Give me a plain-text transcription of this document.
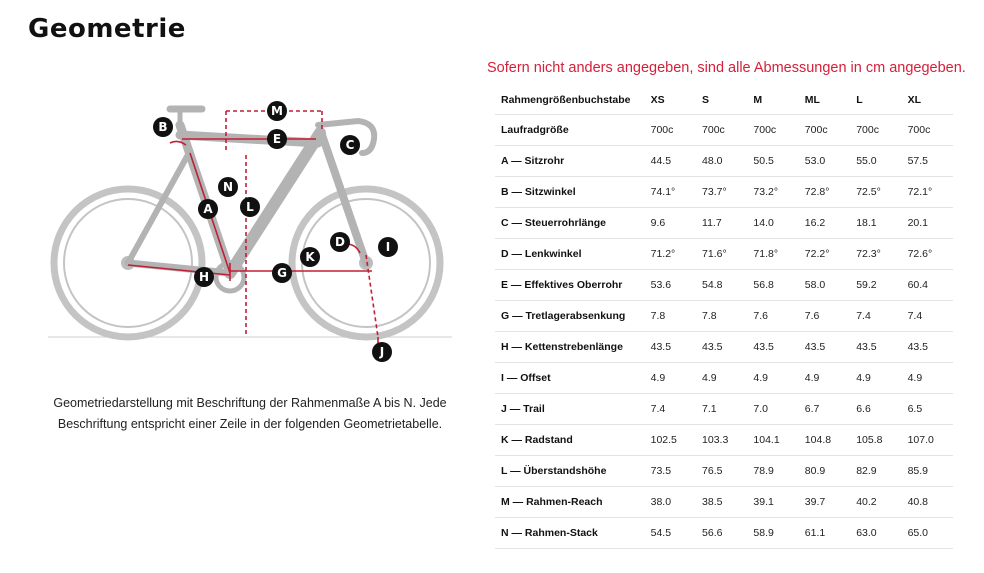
Geometrie
Sofern nicht anders angegeben, sind alle Abmessungen in cm angegeben.
M
E
B
C
N
A	L
D	I
K
H	G
J
Geometriedarstellung mit Beschriftung der Rahmenmaße A bis N. Jede Beschriftung entspricht einer Zeile in der folgenden Geometrietabelle.
Rahmengrößenbuchstabe	XS	S	M	ML	L	XL
Laufradgröße	700c	700c	700c	700c	700c	700c
A — Sitzrohr	44.5	48.0	50.5	53.0	55.0	57.5
B — Sitzwinkel	74.1°	73.7°	73.2°	72.8°	72.5°	72.1°
C — Steuerrohrlänge	9.6	11.7	14.0	16.2	18.1	20.1
D — Lenkwinkel	71.2°	71.6°	71.8°	72.2°	72.3°	72.6°
E — Effektives Oberrohr	53.6	54.8	56.8	58.0	59.2	60.4
G — Tretlagerabsenkung	7.8	7.8	7.6	7.6	7.4	7.4
H — Kettenstrebenlänge	43.5	43.5	43.5	43.5	43.5	43.5
I — Offset	4.9	4.9	4.9	4.9	4.9	4.9
J — Trail	7.4	7.1	7.0	6.7	6.6	6.5
K — Radstand	102.5	103.3	104.1	104.8	105.8	107.0
L — Überstandshöhe	73.5	76.5	78.9	80.9	82.9	85.9
M — Rahmen-Reach	38.0	38.5	39.1	39.7	40.2	40.8
N — Rahmen-Stack	54.5	56.6	58.9	61.1	63.0	65.0
